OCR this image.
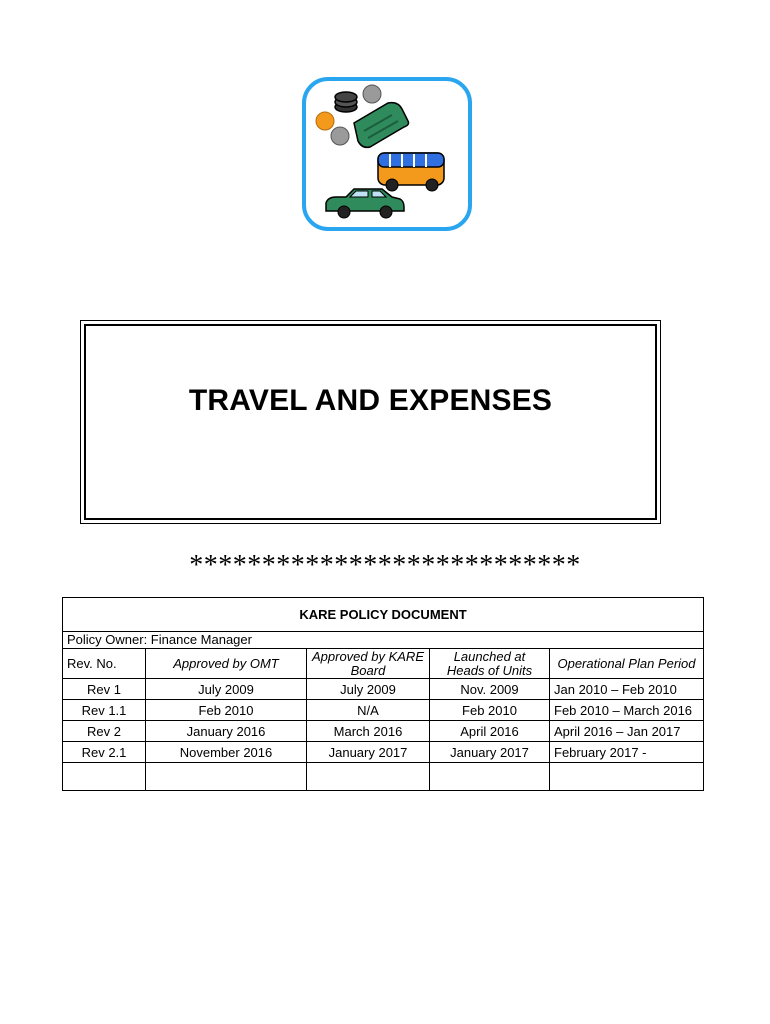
TRAVEL AND EXPENSES
***************************
KARE POLICY DOCUMENT				
Policy Owner: Finance Manager				
Rev. No.	Approved by OMT	Approved by KARE Board	Launched at Heads of Units	Operational Plan Period
Rev 1	July 2009	July 2009	Nov. 2009	Jan 2010 – Feb 2010
Rev 1.1	Feb 2010	N/A	Feb 2010	Feb 2010 – March 2016
Rev 2	January 2016	March 2016	April 2016	April 2016 – Jan 2017
Rev 2.1	November 2016	January 2017	January 2017	February 2017 -
